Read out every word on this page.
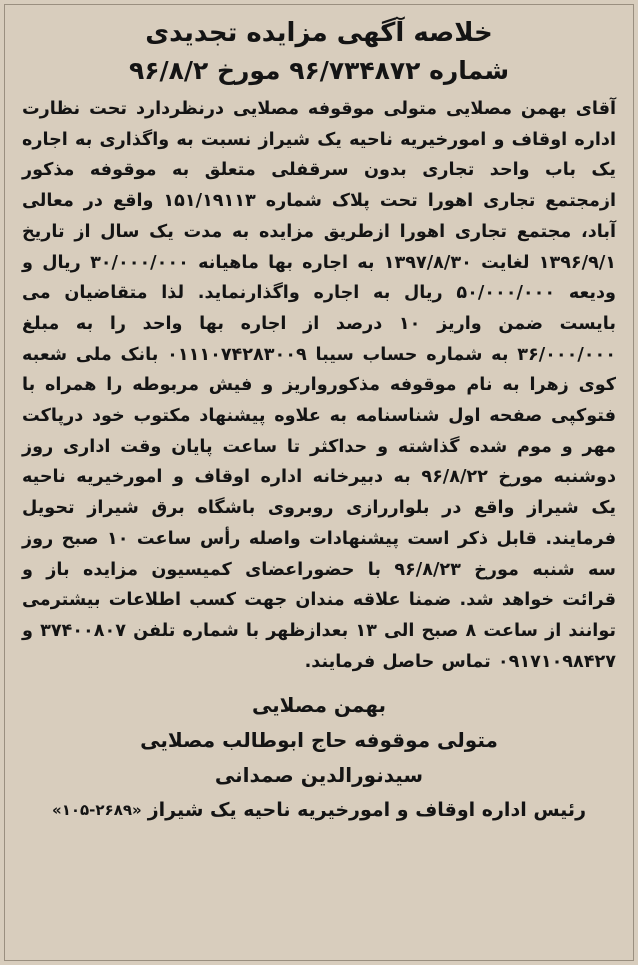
خلاصه آگهی مزایده تجدیدی
شماره ۹۶/۷۳۴۸۷۲ مورخ ۹۶/۸/۲

آقای بهمن مصلایی متولی موقوفه مصلایی درنظردارد تحت نظارت اداره اوقاف و امورخیریه ناحیه یک شیراز نسبت به واگذاری به اجاره یک باب واحد تجاری بدون سرقفلی متعلق به موقوفه مذکور ازمجتمع تجاری اهورا تحت پلاک شماره ۱۵۱/۱۹۱۱۳ واقع در معالی آباد، مجتمع تجاری اهورا ازطریق مزایده به مدت یک سال از تاریخ ۱۳۹۶/۹/۱ لغایت ۱۳۹۷/۸/۳۰ به اجاره بها ماهیانه ۳۰/۰۰۰/۰۰۰ ریال و ودیعه ۵۰/۰۰۰/۰۰۰ ریال به اجاره واگذارنماید. لذا متقاضیان می بایست ضمن واریز ۱۰ درصد از اجاره بها واحد را به مبلغ ۳۶/۰۰۰/۰۰۰ به شماره حساب سیبا ۰۱۱۱۰۷۴۲۸۳۰۰۹ بانک ملی شعبه کوی زهرا به نام موقوفه مذکورواریز و فیش مربوطه را همراه با فتوکپی صفحه اول شناسنامه به علاوه پیشنهاد مکتوب خود درپاکت مهر و موم شده گذاشته و حداکثر تا ساعت پایان وقت اداری روز دوشنبه مورخ ۹۶/۸/۲۲ به دبیرخانه اداره اوقاف و امورخیریه ناحیه یک شیراز واقع در بلواررازی روبروی باشگاه برق شیراز تحویل فرمایند. قابل ذکر است پیشنهادات واصله رأس ساعت ۱۰ صبح روز سه شنبه مورخ ۹۶/۸/۲۳ با حضوراعضای کمیسیون مزایده باز و قرائت خواهد شد. ضمنا علاقه مندان جهت کسب اطلاعات بیشترمی توانند از ساعت ۸ صبح الی ۱۳ بعدازظهر با شماره تلفن ۳۷۴۰۰۸۰۷ و ۰۹۱۷۱۰۹۸۴۲۷ تماس حاصل فرمایند.

بهمن مصلایی

متولی موقوفه حاج ابوطالب مصلایی

سیدنورالدین صمدانی

رئیس اداره اوقاف و امورخیریه ناحیه یک شیراز
«۱۰۵-۲۶۸۹»
